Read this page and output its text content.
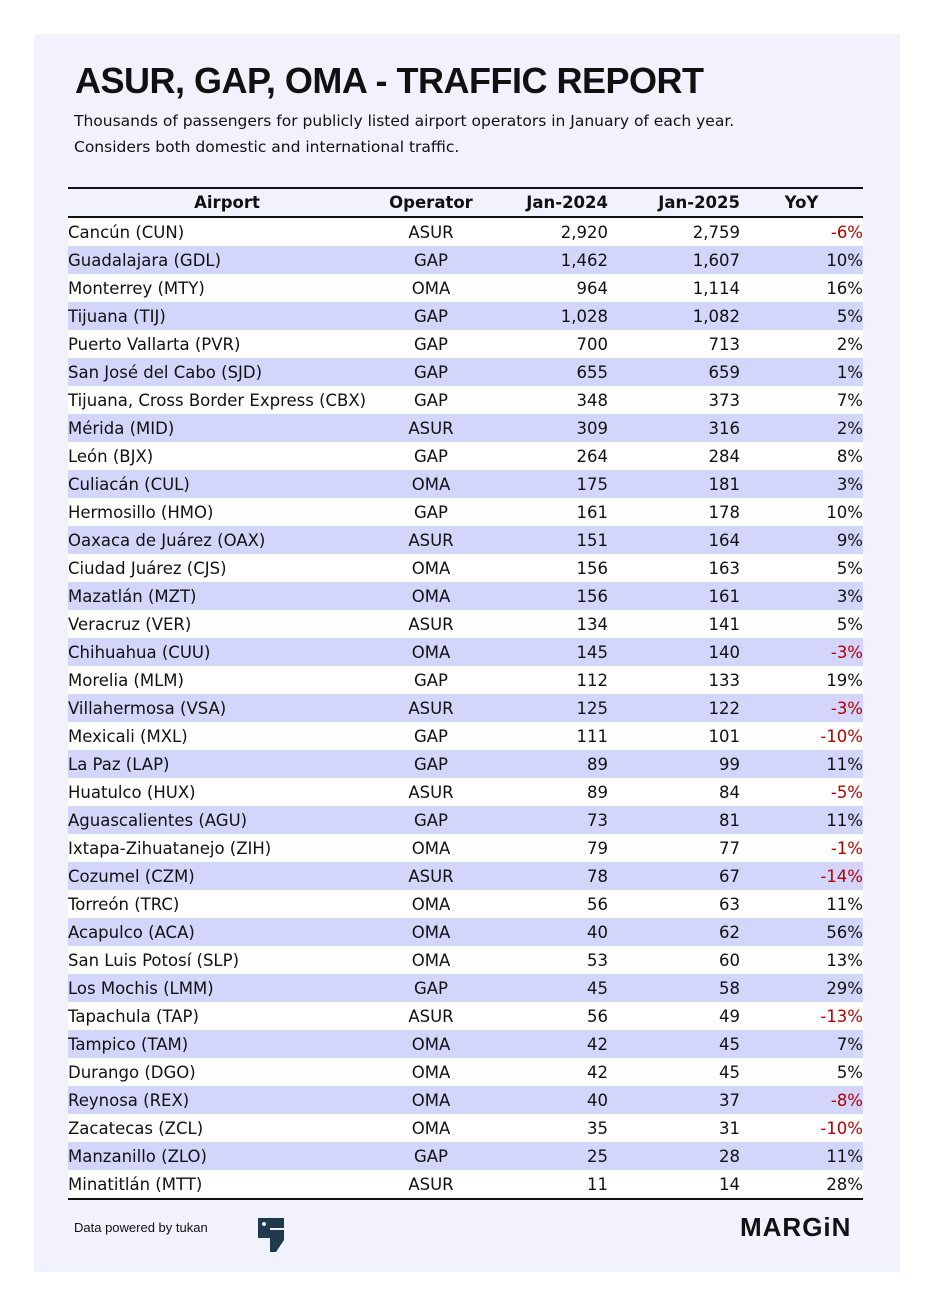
ASUR, GAP, OMA - TRAFFIC REPORT

Thousands of passengers for publicly listed airport operators in January of each year.
Considers both domestic and international traffic.

Airport	Operator	Jan-2024	Jan-2025	YoY
Cancún (CUN)	ASUR	2,920	2,759	-6%
Guadalajara (GDL)	GAP	1,462	1,607	10%
Monterrey (MTY)	OMA	964	1,114	16%
Tijuana (TIJ)	GAP	1,028	1,082	5%
Puerto Vallarta (PVR)	GAP	700	713	2%
San José del Cabo (SJD)	GAP	655	659	1%
Tijuana, Cross Border Express (CBX)	GAP	348	373	7%
Mérida (MID)	ASUR	309	316	2%
León (BJX)	GAP	264	284	8%
Culiacán (CUL)	OMA	175	181	3%
Hermosillo (HMO)	GAP	161	178	10%
Oaxaca de Juárez (OAX)	ASUR	151	164	9%
Ciudad Juárez (CJS)	OMA	156	163	5%
Mazatlán (MZT)	OMA	156	161	3%
Veracruz (VER)	ASUR	134	141	5%
Chihuahua (CUU)	OMA	145	140	-3%
Morelia (MLM)	GAP	112	133	19%
Villahermosa (VSA)	ASUR	125	122	-3%
Mexicali (MXL)	GAP	111	101	-10%
La Paz (LAP)	GAP	89	99	11%
Huatulco (HUX)	ASUR	89	84	-5%
Aguascalientes (AGU)	GAP	73	81	11%
Ixtapa-Zihuatanejo (ZIH)	OMA	79	77	-1%
Cozumel (CZM)	ASUR	78	67	-14%
Torreón (TRC)	OMA	56	63	11%
Acapulco (ACA)	OMA	40	62	56%
San Luis Potosí (SLP)	OMA	53	60	13%
Los Mochis (LMM)	GAP	45	58	29%
Tapachula (TAP)	ASUR	56	49	-13%
Tampico (TAM)	OMA	42	45	7%
Durango (DGO)	OMA	42	45	5%
Reynosa (REX)	OMA	40	37	-8%
Zacatecas (ZCL)	OMA	35	31	-10%
Manzanillo (ZLO)	GAP	25	28	11%
Minatitlán (MTT)	ASUR	11	14	28%
Data powered by tukan	MARGiN
